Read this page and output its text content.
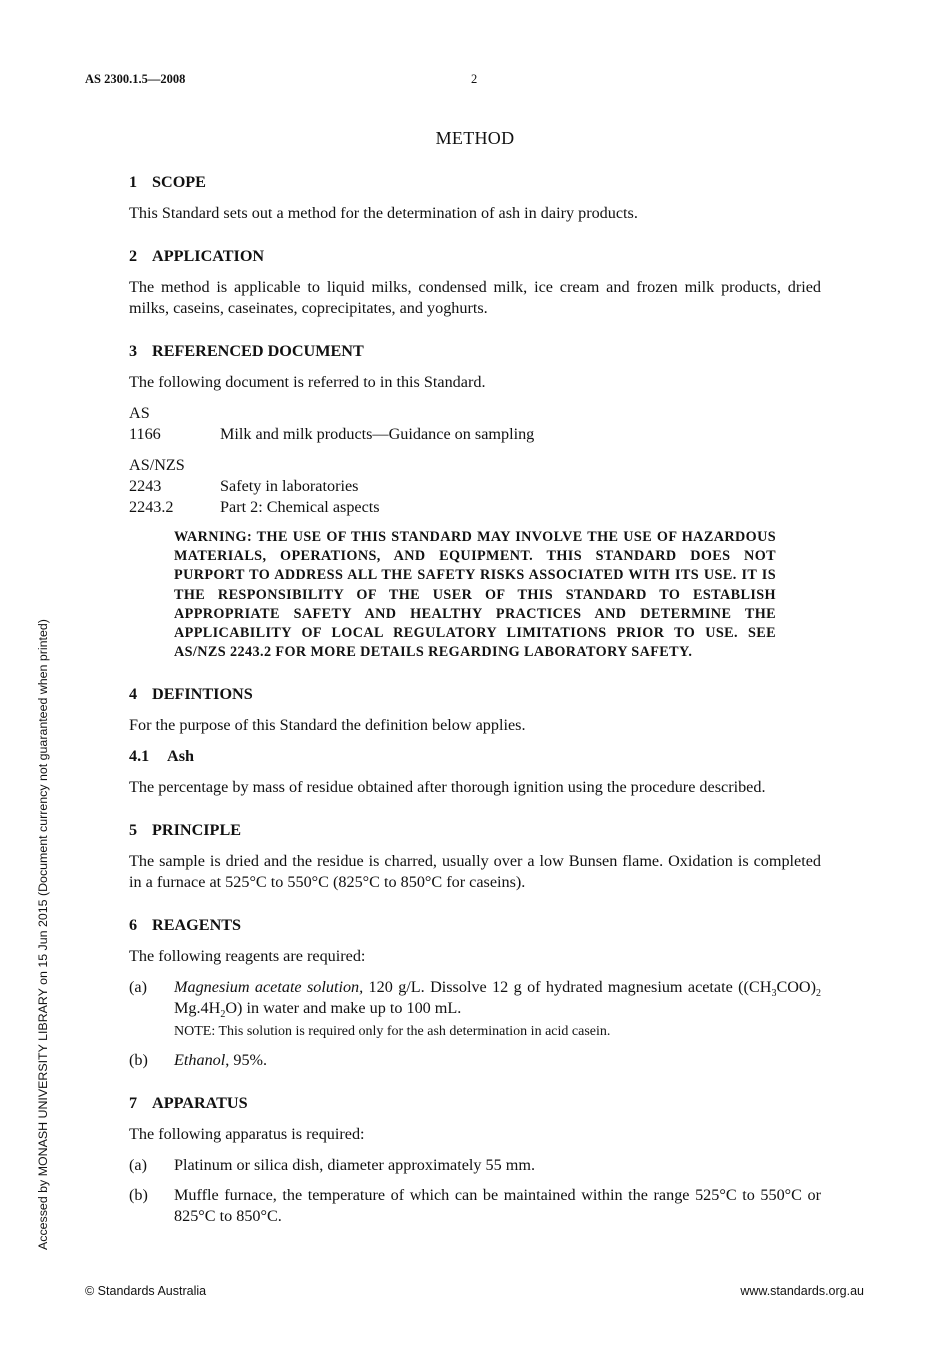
AS 2300.1.5—2008	2
METHOD
1 SCOPE

This Standard sets out a method for the determination of ash in dairy products.

2 APPLICATION

The method is applicable to liquid milks, condensed milk, ice cream and frozen milk products, dried milks, caseins, caseinates, coprecipitates, and yoghurts.

3 REFERENCED DOCUMENT

The following document is referred to in this Standard.

AS
1166	Milk and milk products—Guidance on sampling
AS/NZS
2243	Safety in laboratories
2243.2	Part 2: Chemical aspects
WARNING: THE USE OF THIS STANDARD MAY INVOLVE THE USE OF HAZARDOUS MATERIALS, OPERATIONS, AND EQUIPMENT. THIS STANDARD DOES NOT PURPORT TO ADDRESS ALL THE SAFETY RISKS ASSOCIATED WITH ITS USE. IT IS THE RESPONSIBILITY OF THE USER OF THIS STANDARD TO ESTABLISH APPROPRIATE SAFETY AND HEALTHY PRACTICES AND DETERMINE THE APPLICABILITY OF LOCAL REGULATORY LIMITATIONS PRIOR TO USE. SEE AS/NZS 2243.2 FOR MORE DETAILS REGARDING LABORATORY SAFETY.
4 DEFINTIONS

For the purpose of this Standard the definition below applies.

4.1 Ash

The percentage by mass of residue obtained after thorough ignition using the procedure described.

5 PRINCIPLE

The sample is dried and the residue is charred, usually over a low Bunsen flame. Oxidation is completed in a furnace at 525°C to 550°C (825°C to 850°C for caseins).

6 REAGENTS

The following reagents are required:

(a)	Magnesium acetate solution, 120 g/L. Dissolve 12 g of hydrated magnesium acetate ($(CH_3COO)_2$ $Mg.4H_2O$) in water and make up to 100 mL.
NOTE: This solution is required only for the ash determination in acid casein.
(b)	Ethanol, 95%.
7 APPARATUS

The following apparatus is required:

(a)	Platinum or silica dish, diameter approximately 55 mm.
(b)	Muffle furnace, the temperature of which can be maintained within the range 525°C to 550°C or 825°C to 850°C.
Accessed by MONASH UNIVERSITY LIBRARY on 15 Jun 2015 (Document currency not guaranteed when printed)
© Standards Australia	www.standards.org.au
